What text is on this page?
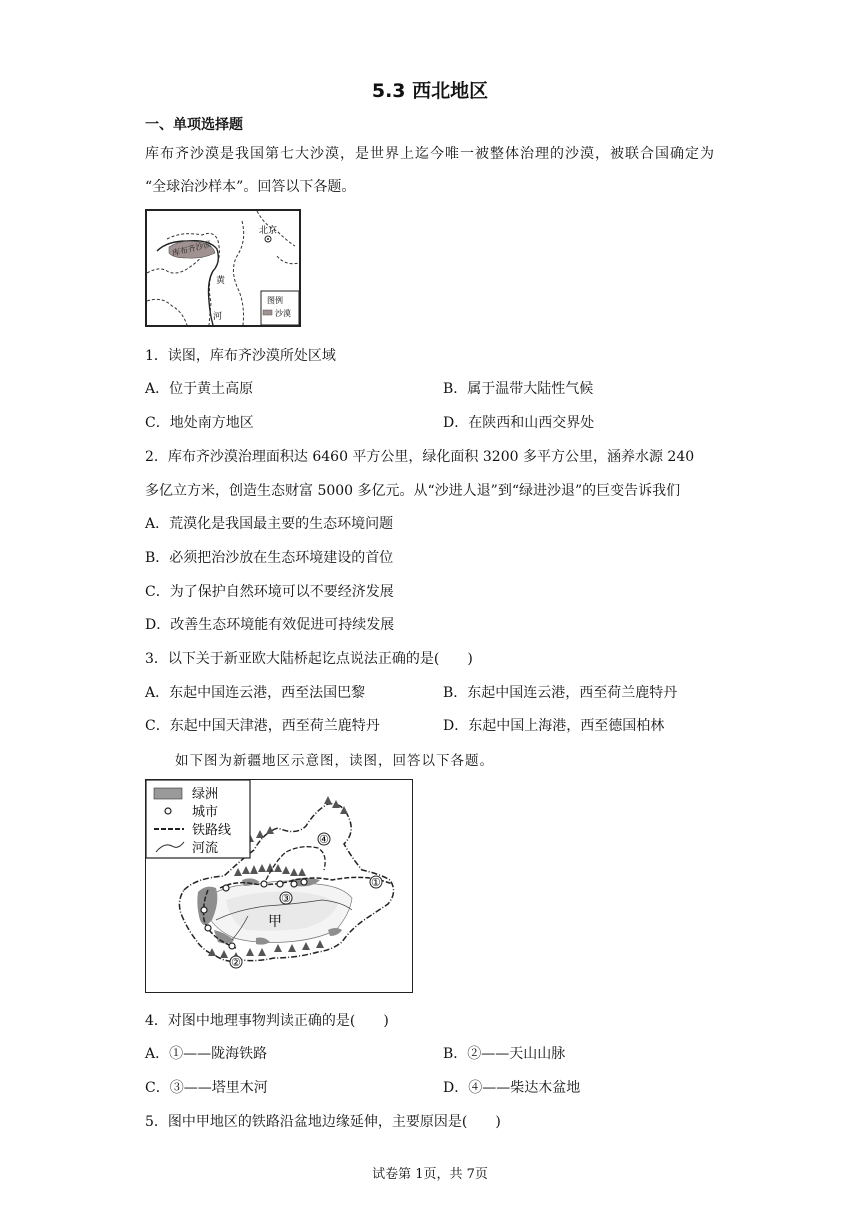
5.3 西北地区
一、单项选择题
库布齐沙漠是我国第七大沙漠，是世界上迄今唯一被整体治理的沙漠，被联合国确定为
“全球治沙样本”。回答以下各题。
库布齐沙漠
北京
黄
河
图例
沙漠
1．读图，库布齐沙漠所处区域
A．位于黄土高原	B．属于温带大陆性气候
C．地处南方地区	D．在陕西和山西交界处
2．库布齐沙漠治理面积达 6460 平方公里，绿化面积 3200 多平方公里，涵养水源 240
多亿立方米，创造生态财富 5000 多亿元。从“沙进人退”到“绿进沙退”的巨变告诉我们
A．荒漠化是我国最主要的生态环境问题
B．必须把治沙放在生态环境建设的首位
C．为了保护自然环境可以不要经济发展
D．改善生态环境能有效促进可持续发展
3．以下关于新亚欧大陆桥起讫点说法正确的是(　　)
A．东起中国连云港，西至法国巴黎	B．东起中国连云港，西至荷兰鹿特丹
C．东起中国天津港，西至荷兰鹿特丹	D．东起中国上海港，西至德国柏林
如下图为新疆地区示意图，读图，回答以下各题。
①
②
③
④
甲
绿洲
城市
铁路线
河流
4．对图中地理事物判读正确的是(　　)
A．①——陇海铁路	B．②——天山山脉
C．③——塔里木河	D．④——柴达木盆地
5．图中甲地区的铁路沿盆地边缘延伸，主要原因是(　　)
试卷第 1页，共 7页
